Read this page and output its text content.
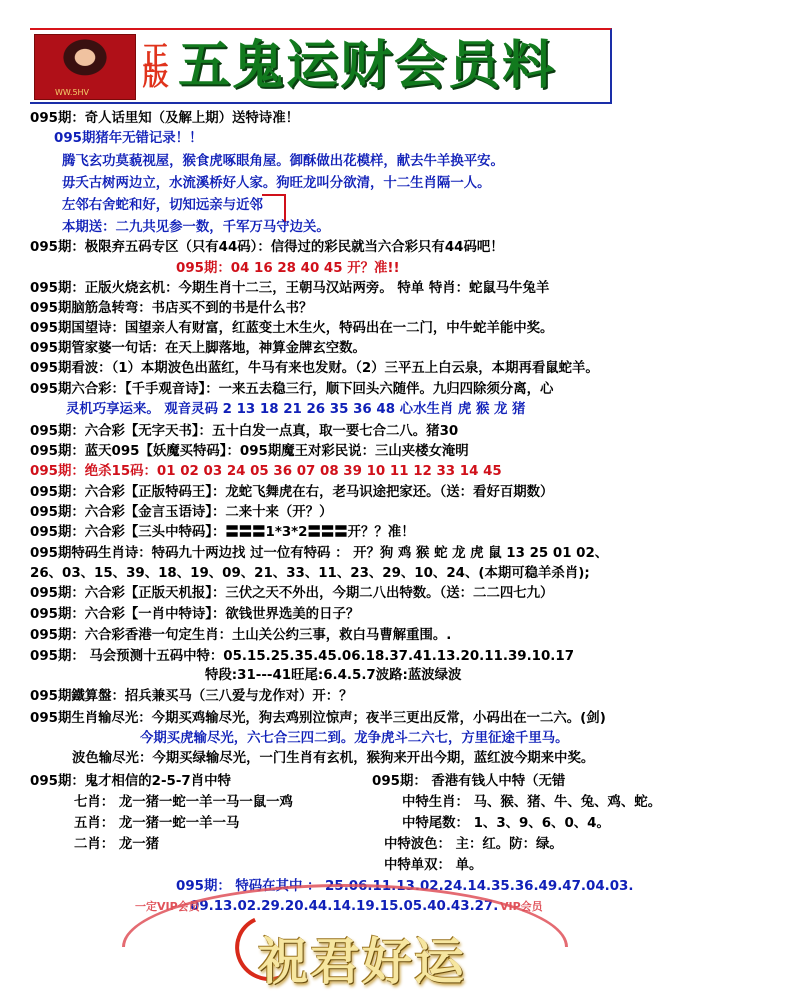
WW.5HV
正版 五鬼运财会员料
095期：奇人话里知（及解上期）送特诗准！
095期猪年无错记录！！
腾飞玄功莫藐视屋，猴食虎啄眼角屋。御酥做出花模样，献去牛羊换平安。
毋夭古树两边立，水流溪桥好人家。狗旺龙叫分欲清，十二生肖隔一人。
左邻右舍蛇和好，切知远亲与近邻
本期送：二九共见参一数，千军万马守边关。
095期：极限弃五码专区（只有44码）：信得过的彩民就当六合彩只有44码吧！
095期：04 16 28 40 45 开？准!!
095期：正版火烧玄机：今期生肖十二三，王朝马汉站两旁。 特单 特肖：蛇鼠马牛兔羊
095期脑筋急转弯：书店买不到的书是什么书？
095期国望诗：国望亲人有财富，红蓝变土木生火，特码出在一二门，中牛蛇羊能中奖。
095期管家婆一句话：在天上脚落地，神算金牌玄空数。
095期看波：（1）本期波色出蓝红，牛马有来也发财。（2）三平五上白云泉，本期再看鼠蛇羊。
095期六合彩：【千手观音诗】：一来五去稳三行，顺下回头六随伴。九归四除须分离，心
灵机巧享运来。 观音灵码 2 13 18 21 26 35 36 48 心水生肖 虎 猴 龙 猪
095期：六合彩【无字天书】：五十白发一点真，取一要七合二八。猪30
095期：蓝天095【妖魔买特码】：095期魔王对彩民说：三山夹楼女淹明
095期：绝杀15码：01 02 03 24 05 36 07 08 39 10 11 12 33 14 45
095期：六合彩【正版特码王】：龙蛇飞舞虎在右，老马识途把家还。（送：看好百期数）
095期：六合彩【金言玉语诗】：二来十来（开？）
095期：六合彩【三头中特码】：〓〓〓1*3*2〓〓〓开？？准！
095期特码生肖诗：特码九十两边找 过一位有特码 ： 开？狗 鸡 猴 蛇 龙 虎 鼠 13 25 01 02、
26、03、15、39、18、19、09、21、33、11、23、29、10、24、(本期可稳羊杀肖);
095期：六合彩【正版天机报】：三伏之天不外出，今期二八出特数。（送：二二四七九）
095期：六合彩【一肖中特诗】：欲钱世界选美的日子？
095期：六合彩香港一句定生肖：土山关公约三事，救白马曹解重围。.
095期： 马会预测十五码中特：05.15.25.35.45.06.18.37.41.13.20.11.39.10.17
特段:31---41旺尾:6.4.5.7波路:蓝波绿波
095期鐵算盤：招兵兼买马（三八爱与龙作对）开：？
095期生肖输尽光：今期买鸡输尽光，狗去鸡别泣惊声；夜半三更出反常，小码出在一二六。(剑)
今期买虎输尽光，六七合三四二到。龙争虎斗二六七，方里征途千里马。
波色输尽光：今期买绿输尽光，一门生肖有玄机，猴狗来开出今期，蓝红波今期来中奖。
095期：鬼才相信的2-5-7肖中特	095期： 香港有钱人中特（无错
七肖： 龙一猪一蛇一羊一马一鼠一鸡	中特生肖： 马、猴、猪、牛、兔、鸡、蛇。
五肖： 龙一猪一蛇一羊一马	中特尾数： 1、3、9、6、0、4。
二肖： 龙一猪	中特波色： 主：红。防：绿。
中特单双： 单。
095期： 特码在其中 ： 25.06.11.13.02.24.14.35.36.49.47.04.03.
09.13.02.29.20.44.14.19.15.05.40.43.27.
一定VIP会员	VIP会员
祝君好运
